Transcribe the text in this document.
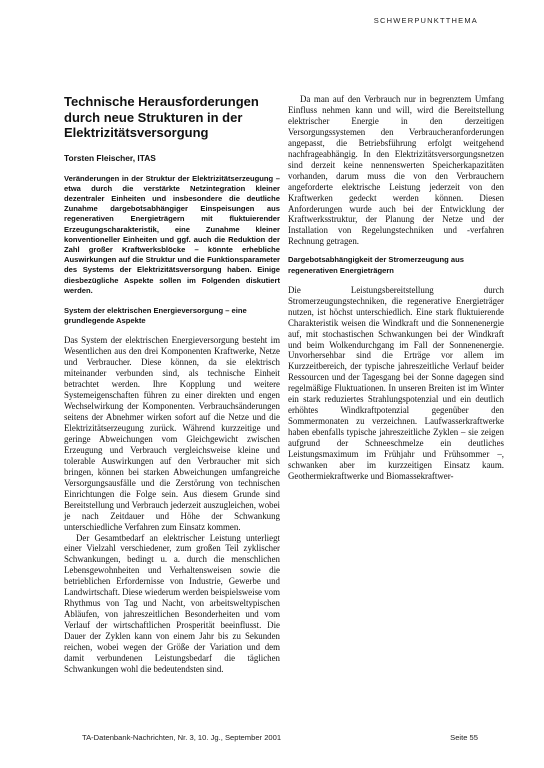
SCHWERPUNKTTHEMA
Technische Herausforderungen durch neue Strukturen in der Elektrizitätsversorgung
Torsten Fleischer, ITAS

Veränderungen in der Struktur der Elektrizitätserzeugung – etwa durch die verstärkte Netzintegration kleiner dezentraler Einheiten und insbesondere die deutliche Zunahme dargebotsabhängiger Einspeisungen aus regenerativen Energieträgern mit fluktuierender Erzeugungscharakteristik, eine Zunahme kleiner konventioneller Einheiten und ggf. auch die Reduktion der Zahl großer Kraftwerksblöcke – könnte erhebliche Auswirkungen auf die Struktur und die Funktionsparameter des Systems der Elektrizitätsversorgung haben. Einige diesbezügliche Aspekte sollen im Folgenden diskutiert werden.

System der elektrischen Energieversorgung – eine grundlegende Aspekte

Das System der elektrischen Energieversorgung besteht im Wesentlichen aus den drei Komponenten Kraftwerke, Netze und Verbraucher. Diese können, da sie elektrisch miteinander verbunden sind, als technische Einheit betrachtet werden. Ihre Kopplung und weitere Systemeigenschaften führen zu einer direkten und engen Wechselwirkung der Komponenten. Verbrauchsänderungen seitens der Abnehmer wirken sofort auf die Netze und die Elektrizitätserzeugung zurück. Während kurzzeitige und geringe Abweichungen vom Gleichgewicht zwischen Erzeugung und Verbrauch vergleichsweise kleine und tolerable Auswirkungen auf den Verbraucher mit sich bringen, können bei starken Abweichungen umfangreiche Versorgungsausfälle und die Zerstörung von technischen Einrichtungen die Folge sein. Aus diesem Grunde sind Bereitstellung und Verbrauch jederzeit auszugleichen, wobei je nach Zeitdauer und Höhe der Schwankung unterschiedliche Verfahren zum Einsatz kommen.

Der Gesamtbedarf an elektrischer Leistung unterliegt einer Vielzahl verschiedener, zum großen Teil zyklischer Schwankungen, bedingt u. a. durch die menschlichen Lebensgewohnheiten und Verhaltensweisen sowie die betrieblichen Erfordernisse von Industrie, Gewerbe und Landwirtschaft. Diese wiederum werden beispielsweise vom Rhythmus von Tag und Nacht, von arbeitsweltypischen Abläufen, von jahreszeitlichen Besonderheiten und vom Verlauf der wirtschaftlichen Prosperität beeinflusst. Die Dauer der Zyklen kann von einem Jahr bis zu Sekunden reichen, wobei wegen der Größe der Variation und dem damit verbundenen Leistungsbedarf die täglichen Schwankungen wohl die bedeutendsten sind.

Da man auf den Verbrauch nur in begrenztem Umfang Einfluss nehmen kann und will, wird die Bereitstellung elektrischer Energie in den derzeitigen Versorgungssystemen den Verbraucheranforderungen angepasst, die Betriebsführung erfolgt weitgehend nachfrageabhängig. In den Elektrizitätsversorgungsnetzen sind derzeit keine nennenswerten Speicherkapazitäten vorhanden, darum muss die von den Verbrauchern angeforderte elektrische Leistung jederzeit von den Kraftwerken gedeckt werden können. Diesen Anforderungen wurde auch bei der Entwicklung der Kraftwerksstruktur, der Planung der Netze und der Installation von Regelungstechniken und -verfahren Rechnung getragen.

Dargebotsabhängigkeit der Stromerzeugung aus regenerativen Energieträgern

Die Leistungsbereitstellung durch Stromerzeugungstechniken, die regenerative Energieträger nutzen, ist höchst unterschiedlich. Eine stark fluktuierende Charakteristik weisen die Windkraft und die Sonnenenergie auf, mit stochastischen Schwankungen bei der Windkraft und beim Wolkendurchgang im Fall der Sonnenenergie. Unvorhersehbar sind die Erträge vor allem im Kurzzeitbereich, der typische jahreszeitliche Verlauf beider Ressourcen und der Tagesgang bei der Sonne dagegen sind regelmäßige Fluktuationen. In unseren Breiten ist im Winter ein stark reduziertes Strahlungspotenzial und ein deutlich erhöhtes Windkraftpotenzial gegenüber den Sommermonaten zu verzeichnen. Laufwasserkraftwerke haben ebenfalls typische jahreszeitliche Zyklen – sie zeigen aufgrund der Schneeschmelze ein deutliches Leistungsmaximum im Frühjahr und Frühsommer –, schwanken aber im kurzzeitigen Einsatz kaum. Geothermiekraftwerke und Biomassekraftwer-

TA-Datenbank-Nachrichten, Nr. 3, 10. Jg., September 2001	Seite 55
